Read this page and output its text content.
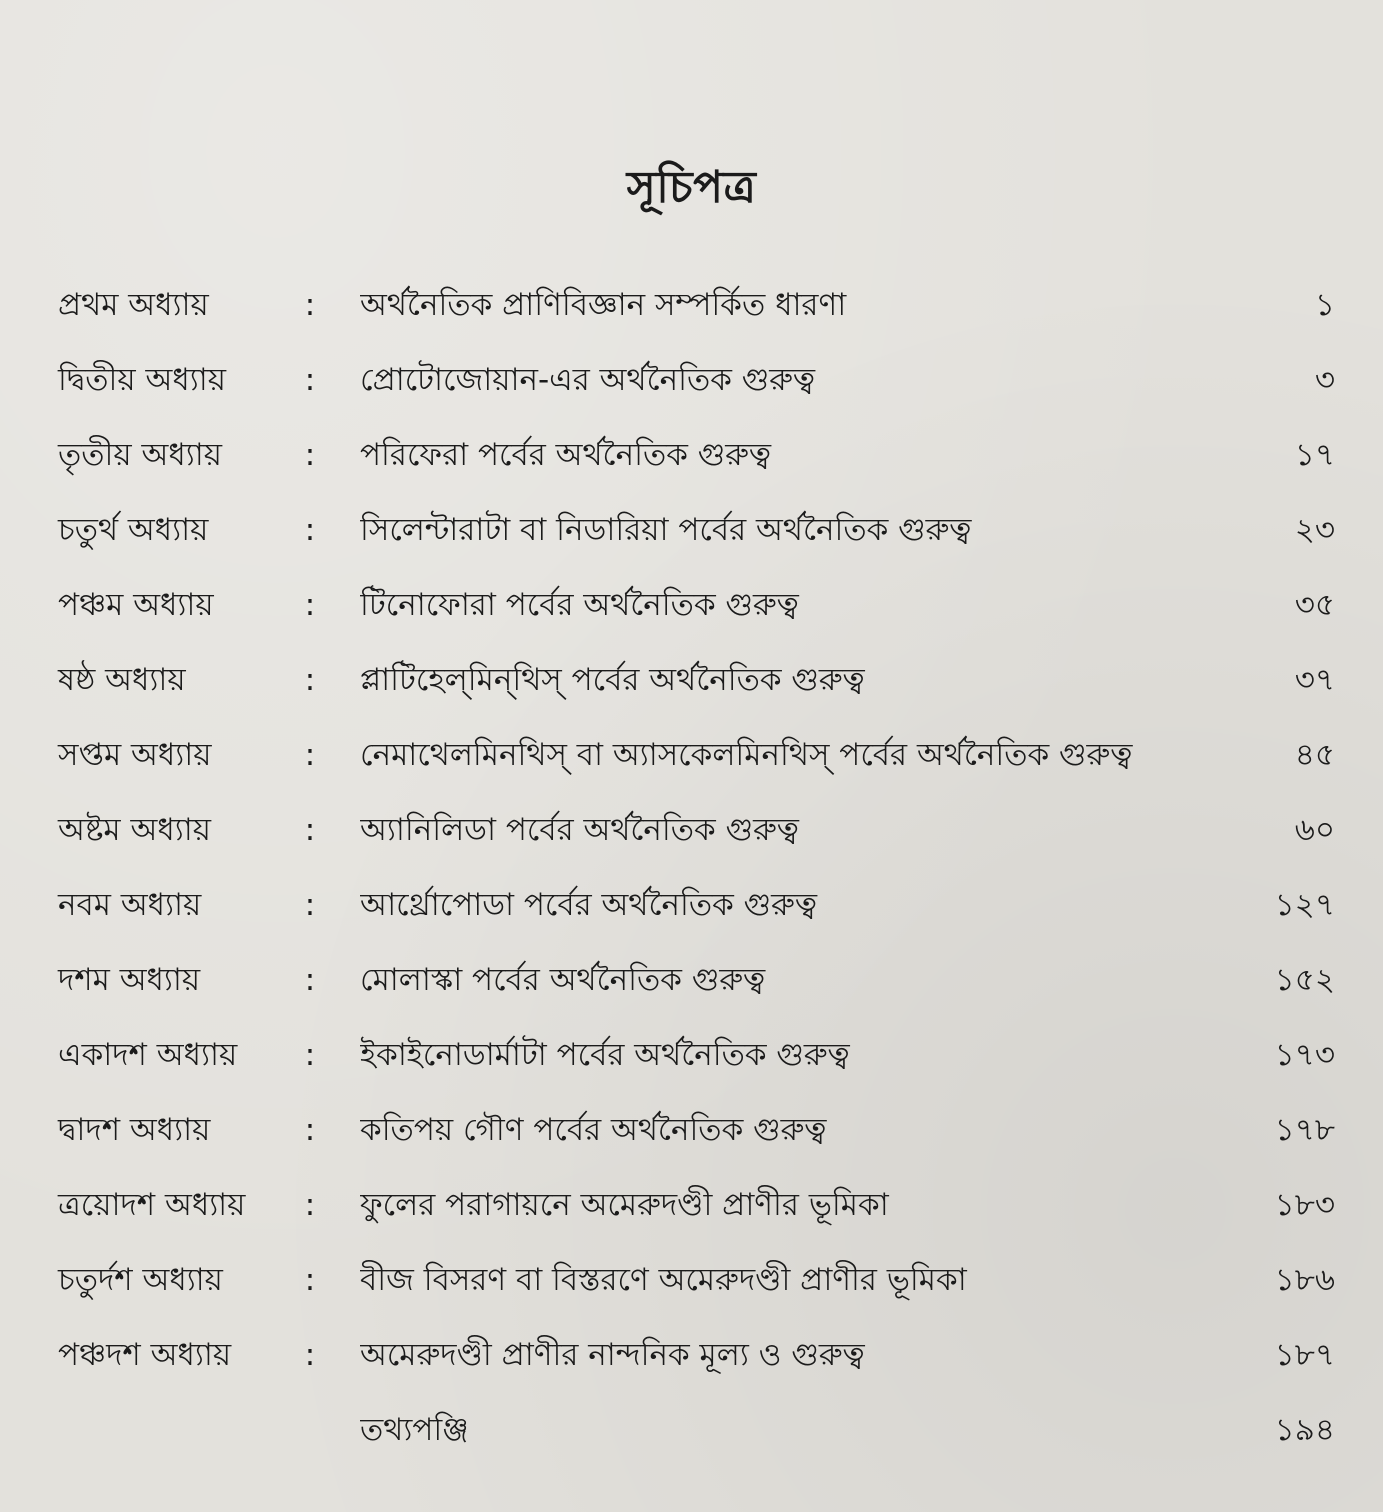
সূচিপত্র
প্রথম অধ্যায়	: অর্থনৈতিক প্রাণিবিজ্ঞান সম্পর্কিত ধারণা	১
দ্বিতীয় অধ্যায়	: প্রোটোজোয়ান-এর অর্থনৈতিক গুরুত্ব	৩
তৃতীয় অধ্যায়	: পরিফেরা পর্বের অর্থনৈতিক গুরুত্ব	১৭
চতুর্থ অধ্যায়	: সিলেন্টারাটা বা নিডারিয়া পর্বের অর্থনৈতিক গুরুত্ব	২৩
পঞ্চম অধ্যায়	: টিনোফোরা পর্বের অর্থনৈতিক গুরুত্ব	৩৫
ষষ্ঠ অধ্যায়	: প্লাটিহেল্‌মিন্‌থিস্‌ পর্বের অর্থনৈতিক গুরুত্ব	৩৭
সপ্তম অধ্যায়	: নেমাথেলমিনথিস্‌ বা অ্যাসকেলমিনথিস্‌ পর্বের অর্থনৈতিক গুরুত্ব	৪৫
অষ্টম অধ্যায়	: অ্যানিলিডা পর্বের অর্থনৈতিক গুরুত্ব	৬০
নবম অধ্যায়	: আর্থ্রোপোডা পর্বের অর্থনৈতিক গুরুত্ব	১২৭
দশম অধ্যায়	: মোলাস্কা পর্বের অর্থনৈতিক গুরুত্ব	১৫২
একাদশ অধ্যায়	: ইকাইনোডার্মাটা পর্বের অর্থনৈতিক গুরুত্ব	১৭৩
দ্বাদশ অধ্যায়	: কতিপয় গৌণ পর্বের অর্থনৈতিক গুরুত্ব	১৭৮
ত্রয়োদশ অধ্যায়	: ফুলের পরাগায়নে অমেরুদণ্ডী প্রাণীর ভূমিকা	১৮৩
চতুর্দশ অধ্যায়	: বীজ বিসরণ বা বিস্তরণে অমেরুদণ্ডী প্রাণীর ভূমিকা	১৮৬
পঞ্চদশ অধ্যায়	: অমেরুদণ্ডী প্রাণীর নান্দনিক মূল্য ও গুরুত্ব	১৮৭
তথ্যপঞ্জি	১৯৪
